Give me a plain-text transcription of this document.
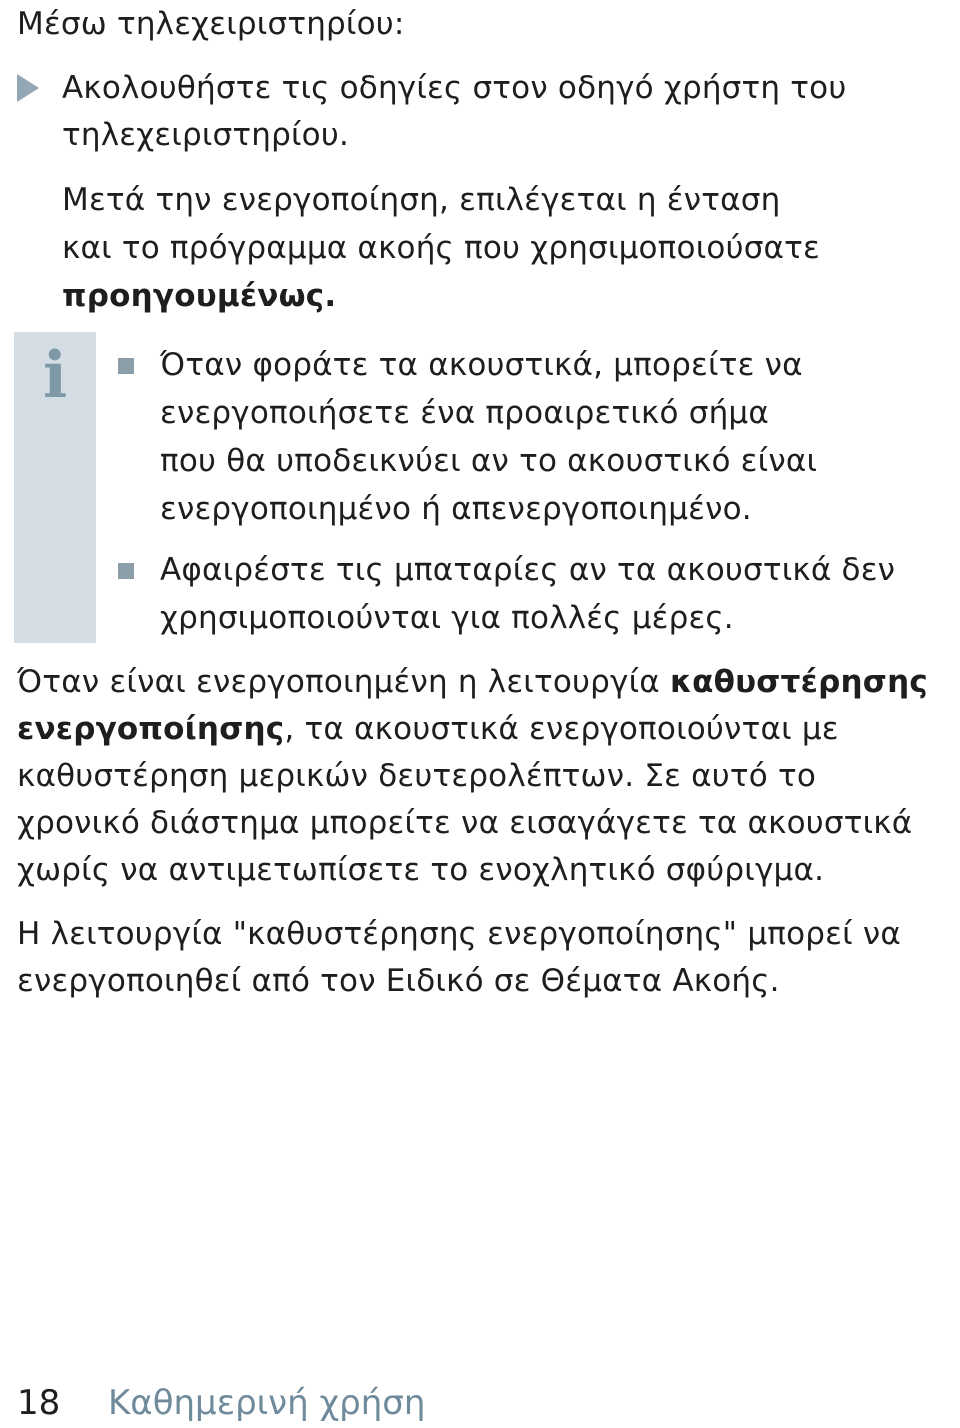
Μέσω τηλεχειριστηρίου:
Ακολουθήστε τις οδηγίες στον οδηγό χρήστη του
τηλεχειριστηρίου.
Μετά την ενεργοποίηση, επιλέγεται η ένταση
και το πρόγραμμα ακοής που χρησιμοποιούσατε
προηγουμένως.
i	Όταν φοράτε τα ακουστικά, μπορείτε να
ενεργοποιήσετε ένα προαιρετικό σήμα
που θα υποδεικνύει αν το ακουστικό είναι
ενεργοποιημένο ή απενεργοποιημένο.
Αφαιρέστε τις μπαταρίες αν τα ακουστικά δεν
χρησιμοποιούνται για πολλές μέρες.
Όταν είναι ενεργοποιημένη η λειτουργία καθυστέρησης
ενεργοποίησης, τα ακουστικά ενεργοποιούνται με
καθυστέρηση μερικών δευτερολέπτων. Σε αυτό το
χρονικό διάστημα μπορείτε να εισαγάγετε τα ακουστικά
χωρίς να αντιμετωπίσετε το ενοχλητικό σφύριγμα.
Η λειτουργία "καθυστέρησης ενεργοποίησης" μπορεί να
ενεργοποιηθεί από τον Ειδικό σε Θέματα Ακοής.
18 Καθημερινή χρήση
